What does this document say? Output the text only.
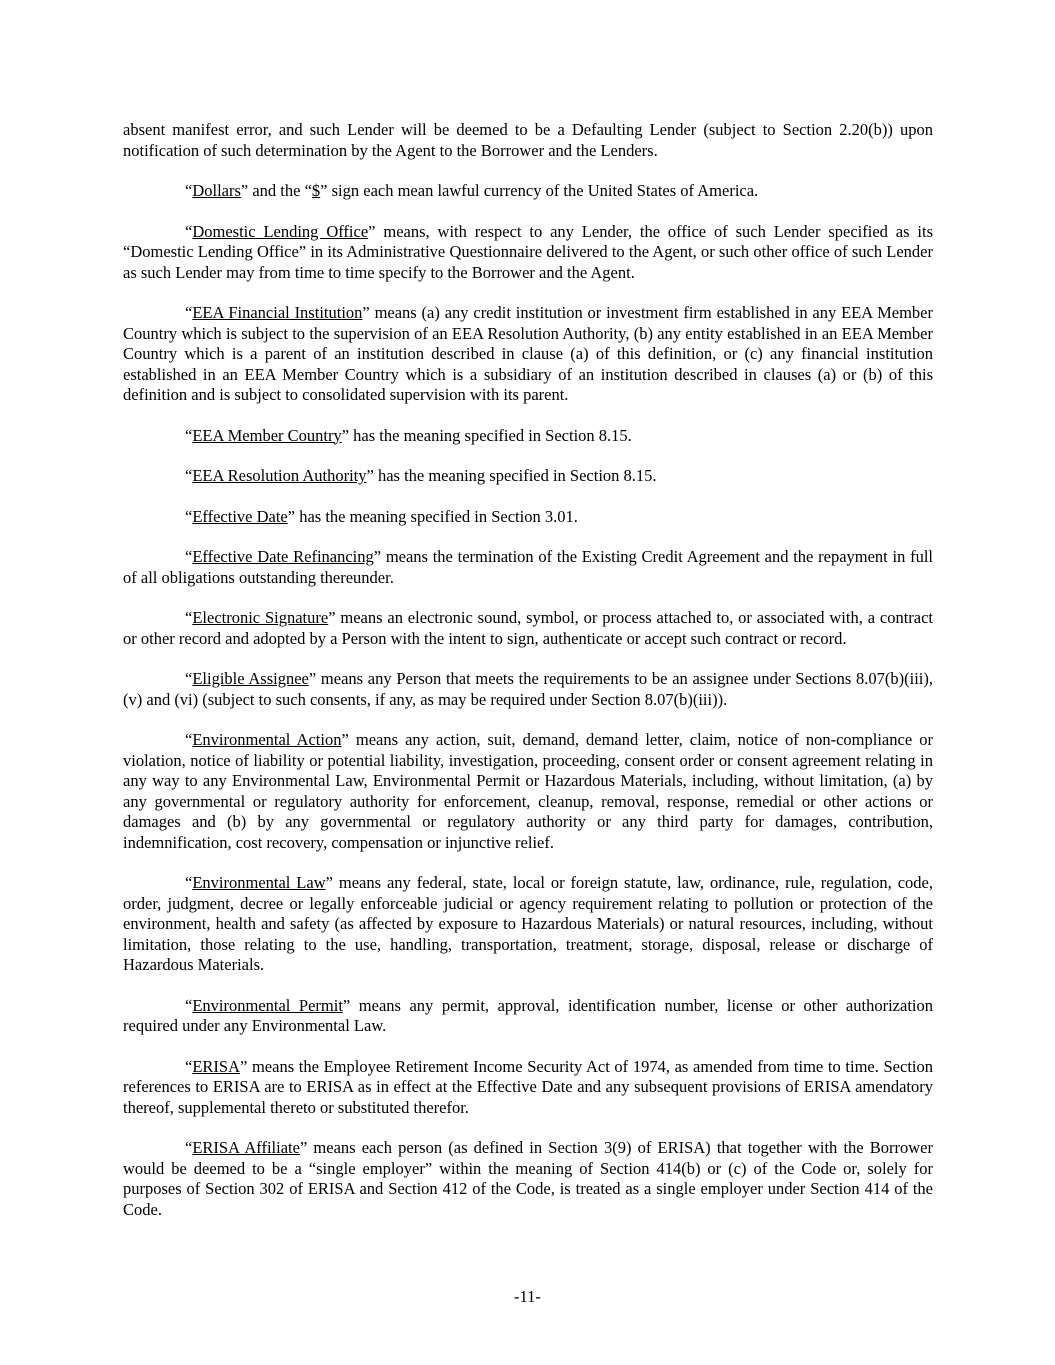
absent manifest error, and such Lender will be deemed to be a Defaulting Lender (subject to Section 2.20(b)) upon notification of such determination by the Agent to the Borrower and the Lenders.

“Dollars” and the “$” sign each mean lawful currency of the United States of America.

“Domestic Lending Office” means, with respect to any Lender, the office of such Lender specified as its “Domestic Lending Office” in its Administrative Questionnaire delivered to the Agent, or such other office of such Lender as such Lender may from time to time specify to the Borrower and the Agent.

“EEA Financial Institution” means (a) any credit institution or investment firm established in any EEA Member Country which is subject to the supervision of an EEA Resolution Authority, (b) any entity established in an EEA Member Country which is a parent of an institution described in clause (a) of this definition, or (c) any financial institution established in an EEA Member Country which is a subsidiary of an institution described in clauses (a) or (b) of this definition and is subject to consolidated supervision with its parent.

“EEA Member Country” has the meaning specified in Section 8.15.

“EEA Resolution Authority” has the meaning specified in Section 8.15.

“Effective Date” has the meaning specified in Section 3.01.

“Effective Date Refinancing” means the termination of the Existing Credit Agreement and the repayment in full of all obligations outstanding thereunder.

“Electronic Signature” means an electronic sound, symbol, or process attached to, or associated with, a contract or other record and adopted by a Person with the intent to sign, authenticate or accept such contract or record.

“Eligible Assignee” means any Person that meets the requirements to be an assignee under Sections 8.07(b)(iii), (v) and (vi) (subject to such consents, if any, as may be required under Section 8.07(b)(iii)).

“Environmental Action” means any action, suit, demand, demand letter, claim, notice of non-compliance or violation, notice of liability or potential liability, investigation, proceeding, consent order or consent agreement relating in any way to any Environmental Law, Environmental Permit or Hazardous Materials, including, without limitation, (a) by any governmental or regulatory authority for enforcement, cleanup, removal, response, remedial or other actions or damages and (b) by any governmental or regulatory authority or any third party for damages, contribution, indemnification, cost recovery, compensation or injunctive relief.

“Environmental Law” means any federal, state, local or foreign statute, law, ordinance, rule, regulation, code, order, judgment, decree or legally enforceable judicial or agency requirement relating to pollution or protection of the environment, health and safety (as affected by exposure to Hazardous Materials) or natural resources, including, without limitation, those relating to the use, handling, transportation, treatment, storage, disposal, release or discharge of Hazardous Materials.

“Environmental Permit” means any permit, approval, identification number, license or other authorization required under any Environmental Law.

“ERISA” means the Employee Retirement Income Security Act of 1974, as amended from time to time. Section references to ERISA are to ERISA as in effect at the Effective Date and any subsequent provisions of ERISA amendatory thereof, supplemental thereto or substituted therefor.

“ERISA Affiliate” means each person (as defined in Section 3(9) of ERISA) that together with the Borrower would be deemed to be a “single employer” within the meaning of Section 414(b) or (c) of the Code or, solely for purposes of Section 302 of ERISA and Section 412 of the Code, is treated as a single employer under Section 414 of the Code.

-11-
